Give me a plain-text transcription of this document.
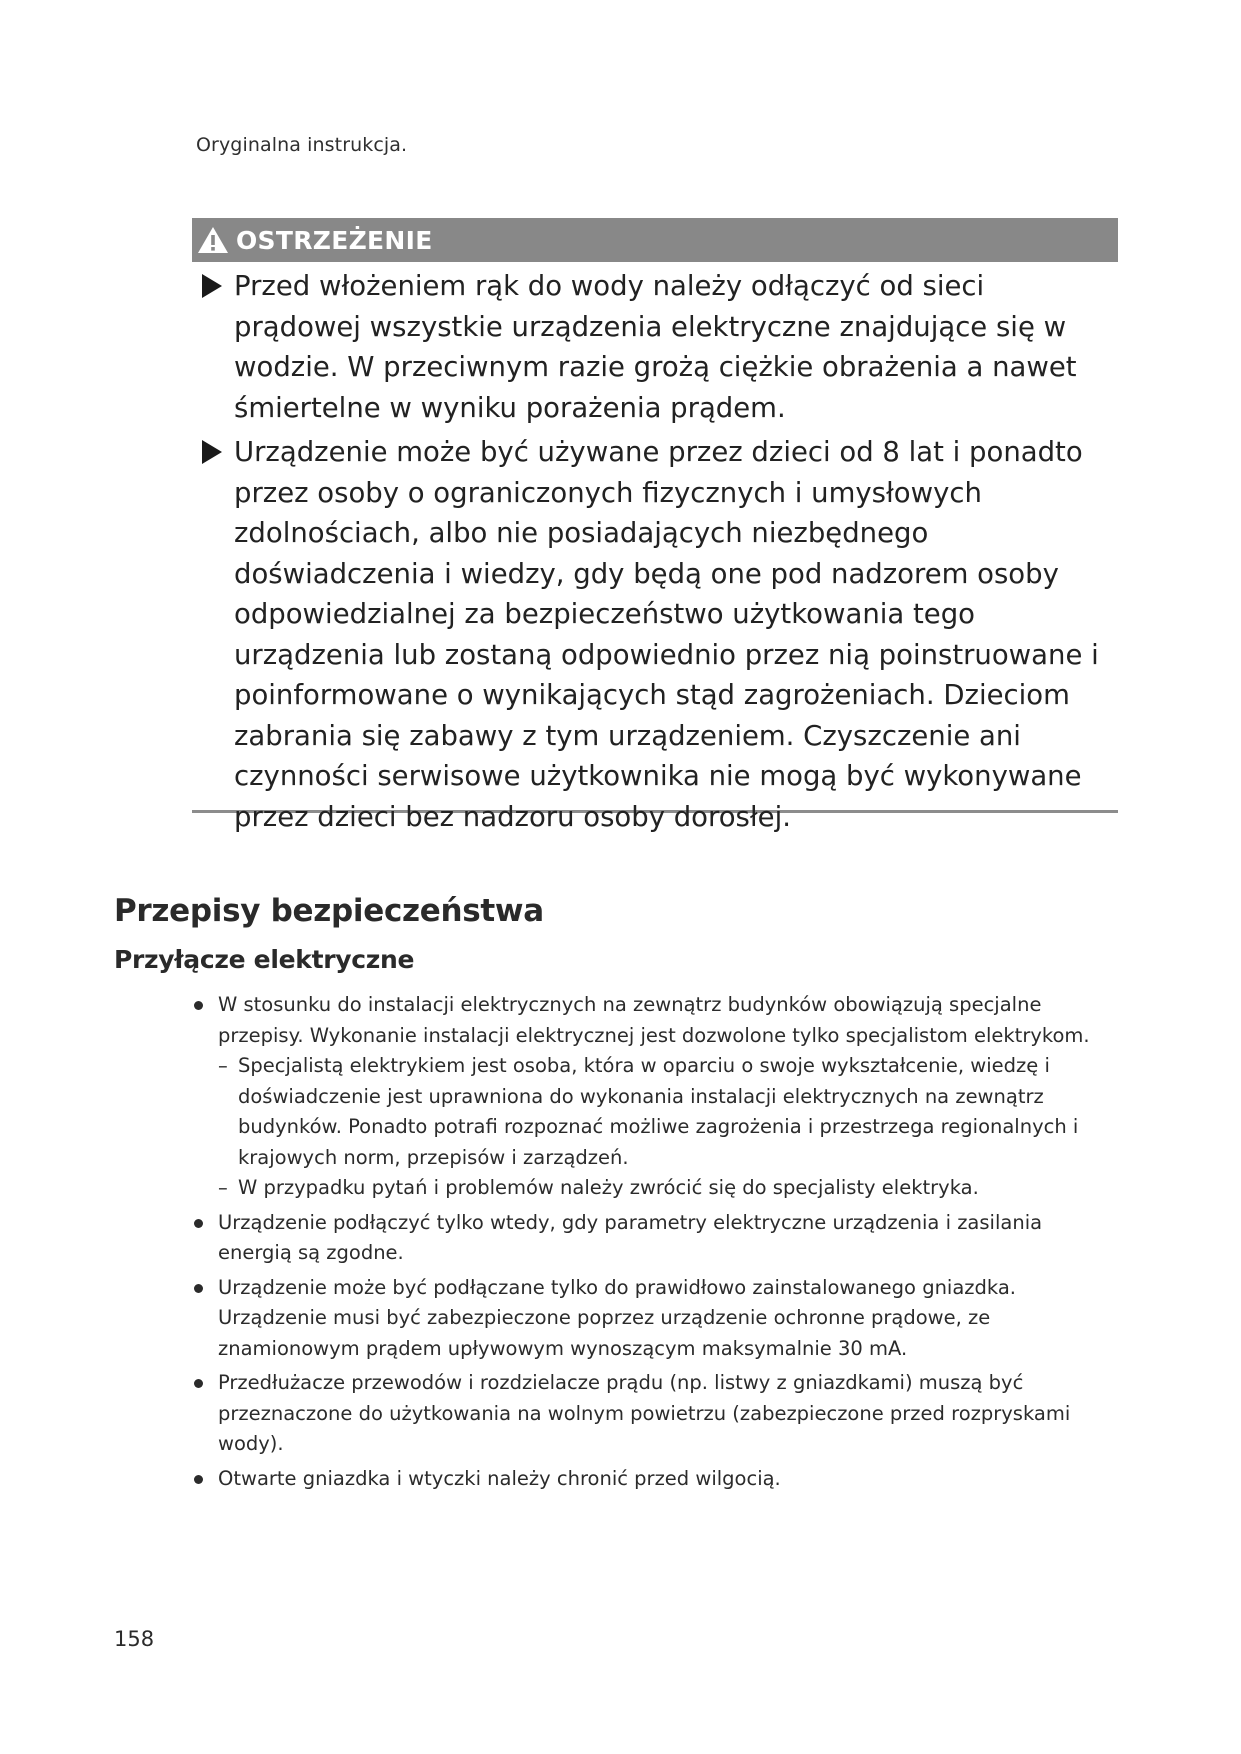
Oryginalna instrukcja.
OSTRZEŻENIE
Przed włożeniem rąk do wody należy odłączyć od sieci prądowej wszystkie urządzenia elektryczne znajdujące się w wodzie. W przeciwnym razie grożą ciężkie obrażenia a nawet śmiertelne w wyniku porażenia prądem.
Urządzenie może być używane przez dzieci od 8 lat i ponadto przez osoby o ograniczonych fizycznych i umysłowych zdolnościach, albo nie posiadających niezbędnego doświadczenia i wiedzy, gdy będą one pod nadzorem osoby odpowiedzialnej za bezpieczeństwo użytkowania tego urządzenia lub zostaną odpowiednio przez nią poinstruowane i poinformowane o wynikających stąd zagrożeniach. Dzieciom zabrania się zabawy z tym urządzeniem. Czyszczenie ani czynności serwisowe użytkownika nie mogą być wykonywane przez dzieci bez nadzoru osoby dorosłej.
Przepisy bezpieczeństwa
Przyłącze elektryczne
W stosunku do instalacji elektrycznych na zewnątrz budynków obowiązują specjalne przepisy. Wykonanie instalacji elektrycznej jest dozwolone tylko specjalistom elektrykom.
– Specjalistą elektrykiem jest osoba, która w oparciu o swoje wykształcenie, wiedzę i doświadczenie jest uprawniona do wykonania instalacji elektrycznych na zewnątrz budynków. Ponadto potrafi rozpoznać możliwe zagrożenia i przestrzega regionalnych i krajowych norm, przepisów i zarządzeń.
– W przypadku pytań i problemów należy zwrócić się do specjalisty elektryka.
Urządzenie podłączyć tylko wtedy, gdy parametry elektryczne urządzenia i zasilania energią są zgodne.
Urządzenie może być podłączane tylko do prawidłowo zainstalowanego gniazdka. Urządzenie musi być zabezpieczone poprzez urządzenie ochronne prądowe, ze znamionowym prądem upływowym wynoszącym maksymalnie 30 mA.
Przedłużacze przewodów i rozdzielacze prądu (np. listwy z gniazdkami) muszą być przeznaczone do użytkowania na wolnym powietrzu (zabezpieczone przed rozpryskami wody).
Otwarte gniazdka i wtyczki należy chronić przed wilgocią.
158
